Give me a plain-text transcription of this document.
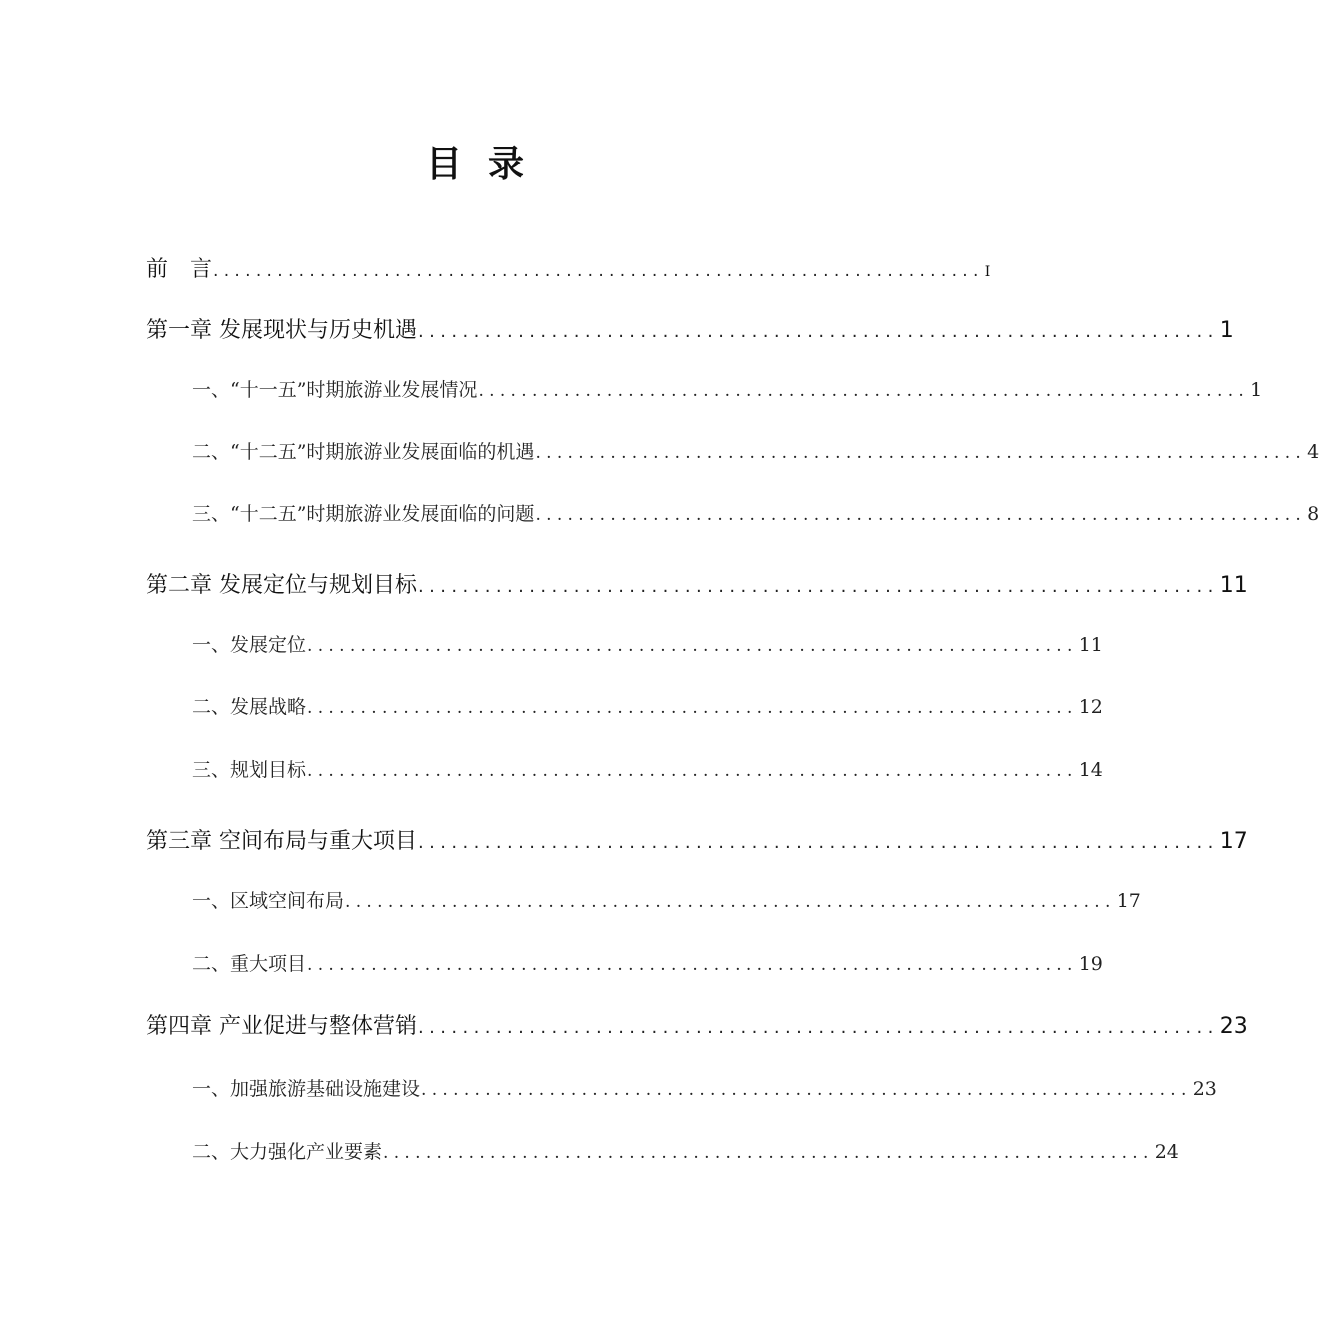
目 录
前　言 ........................................................................ I
第一章 发展现状与历史机遇 ........................................................................ 1
一、“十一五”时期旅游业发展情况 ........................................................................ 1
二、“十二五”时期旅游业发展面临的机遇 ........................................................................ 4
三、“十二五”时期旅游业发展面临的问题 ........................................................................ 8
第二章 发展定位与规划目标 ........................................................................ 11
一、发展定位 ........................................................................ 11
二、发展战略 ........................................................................ 12
三、规划目标 ........................................................................ 14
第三章 空间布局与重大项目 ........................................................................ 17
一、区域空间布局 ........................................................................ 17
二、重大项目 ........................................................................ 19
第四章 产业促进与整体营销 ........................................................................ 23
一、加强旅游基础设施建设 ........................................................................ 23
二、大力强化产业要素 ........................................................................ 24
